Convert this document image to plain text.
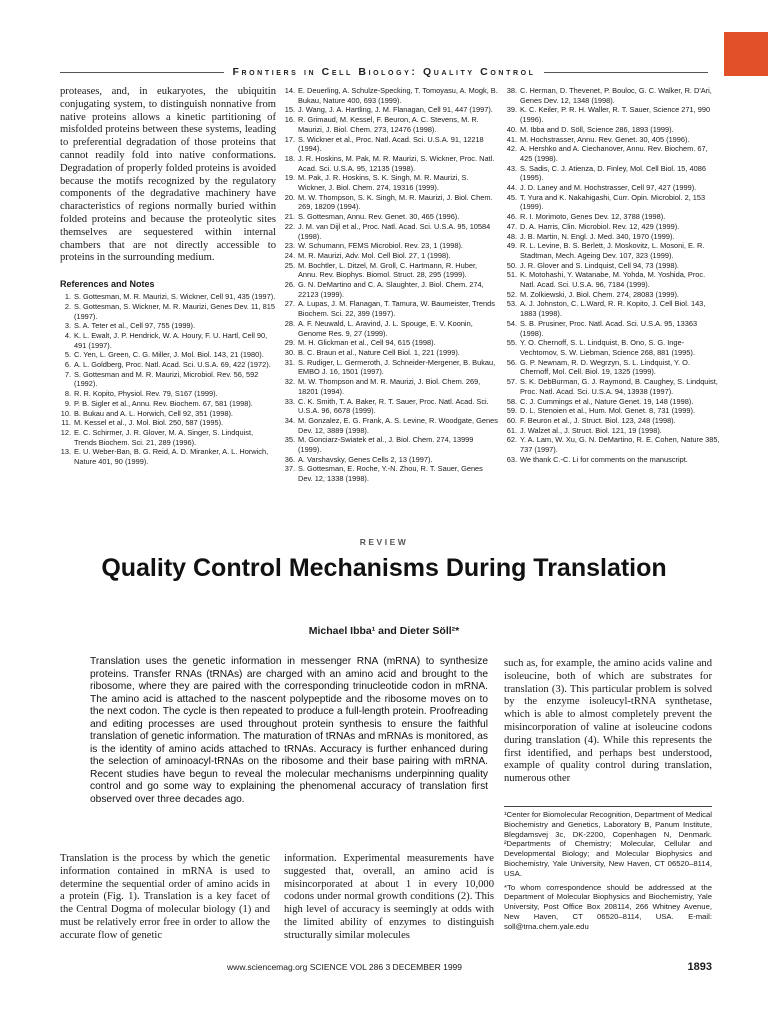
Frontiers in Cell Biology: Quality Control

proteases, and, in eukaryotes, the ubiquitin conjugating system, to distinguish nonnative from native proteins allows a kinetic partitioning of misfolded proteins between these systems, leading to preferential degradation of those proteins that cannot readily fold into native conformations. Degradation of properly folded proteins is avoided because the motifs recognized by the regulatory components of the degradative machinery have characteristics of regions normally buried within folded proteins and because the proteolytic sites themselves are sequestered within internal chambers that are not directly accessible to proteins in the surrounding medium.

References and Notes
1. S. Gottesman, M. R. Maurizi, S. Wickner, Cell 91, 435 (1997).
2. S. Gottesman, S. Wickner, M. R. Maurizi, Genes Dev. 11, 815 (1997).
3. S. A. Teter et al., Cell 97, 755 (1999).
4. K. L. Ewalt, J. P. Hendrick, W. A. Houry, F. U. Hartl, Cell 90, 491 (1997).
5. C. Yen, L. Green, C. G. Miller, J. Mol. Biol. 143, 21 (1980).
6. A. L. Goldberg, Proc. Natl. Acad. Sci. U.S.A. 69, 422 (1972).
7. S. Gottesman and M. R. Maurizi, Microbiol. Rev. 56, 592 (1992).
8. R. R. Kopito, Physiol. Rev. 79, S167 (1999).
9. P. B. Sigler et al., Annu. Rev. Biochem. 67, 581 (1998).
10. B. Bukau and A. L. Horwich, Cell 92, 351 (1998).
11. M. Kessel et al., J. Mol. Biol. 250, 587 (1995).
12. E. C. Schirmer, J. R. Glover, M. A. Singer, S. Lindquist, Trends Biochem. Sci. 21, 289 (1996).
13. E. U. Weber-Ban, B. G. Reid, A. D. Miranker, A. L. Horwich, Nature 401, 90 (1999).
14. E. Deuerling, A. Schulze-Specking, T. Tomoyasu, A. Mogk, B. Bukau, Nature 400, 693 (1999).
15. J. Wang, J. A. Hartling, J. M. Flanagan, Cell 91, 447 (1997).
16. R. Grimaud, M. Kessel, F. Beuron, A. C. Stevens, M. R. Maurizi, J. Biol. Chem. 273, 12476 (1998).
17. S. Wickner et al., Proc. Natl. Acad. Sci. U.S.A. 91, 12218 (1994).
18. J. R. Hoskins, M. Pak, M. R. Maurizi, S. Wickner, Proc. Natl. Acad. Sci. U.S.A. 95, 12135 (1998).
19. M. Pak, J. R. Hoskins, S. K. Singh, M. R. Maurizi, S. Wickner, J. Biol. Chem. 274, 19316 (1999).
20. M. W. Thompson, S. K. Singh, M. R. Maurizi, J. Biol. Chem. 269, 18209 (1994).
21. S. Gottesman, Annu. Rev. Genet. 30, 465 (1996).
22. J. M. van Dijl et al., Proc. Natl. Acad. Sci. U.S.A. 95, 10584 (1998).
23. W. Schumann, FEMS Microbiol. Rev. 23, 1 (1998).
24. M. R. Maurizi, Adv. Mol. Cell Biol. 27, 1 (1998).
25. M. Bochtler, L. Ditzel, M. Groll, C. Hartmann, R. Huber, Annu. Rev. Biophys. Biomol. Struct. 28, 295 (1999).
26. G. N. DeMartino and C. A. Slaughter, J. Biol. Chem. 274, 22123 (1999).
27. A. Lupas, J. M. Flanagan, T. Tamura, W. Baumeister, Trends Biochem. Sci. 22, 399 (1997).
28. A. F. Neuwald, L. Aravind, J. L. Spouge, E. V. Koonin, Genome Res. 9, 27 (1999).
29. M. H. Glickman et al., Cell 94, 615 (1998).
30. B. C. Braun et al., Nature Cell Biol. 1, 221 (1999).
31. S. Rudiger, L. Germeroth, J. Schneider-Mergener, B. Bukau, EMBO J. 16, 1501 (1997).
32. M. W. Thompson and M. R. Maurizi, J. Biol. Chem. 269, 18201 (1994).
33. C. K. Smith, T. A. Baker, R. T. Sauer, Proc. Natl. Acad. Sci. U.S.A. 96, 6678 (1999).
34. M. Gonzalez, E. G. Frank, A. S. Levine, R. Woodgate, Genes Dev. 12, 3889 (1998).
35. M. Gonciarz-Swiatek et al., J. Biol. Chem. 274, 13999 (1999).
36. A. Varshavsky, Genes Cells 2, 13 (1997).
37. S. Gottesman, E. Roche, Y.-N. Zhou, R. T. Sauer, Genes Dev. 12, 1338 (1998).
38. C. Herman, D. Thevenet, P. Bouloc, G. C. Walker, R. D'Ari, Genes Dev. 12, 1348 (1998).
39. K. C. Keiler, P. R. H. Waller, R. T. Sauer, Science 271, 990 (1996).
40. M. Ibba and D. Söll, Science 286, 1893 (1999).
41. M. Hochstrasser, Annu. Rev. Genet. 30, 405 (1996).
42. A. Hershko and A. Ciechanover, Annu. Rev. Biochem. 67, 425 (1998).
43. S. Sadis, C. J. Atienza, D. Finley, Mol. Cell Biol. 15, 4086 (1995).
44. J. D. Laney and M. Hochstrasser, Cell 97, 427 (1999).
45. T. Yura and K. Nakahigashi, Curr. Opin. Microbiol. 2, 153 (1999).
46. R. I. Morimoto, Genes Dev. 12, 3788 (1998).
47. D. A. Harris, Clin. Microbiol. Rev. 12, 429 (1999).
48. J. B. Martin, N. Engl. J. Med. 340, 1970 (1999).
49. R. L. Levine, B. S. Berlett, J. Moskovitz, L. Mosoni, E. R. Stadtman, Mech. Ageing Dev. 107, 323 (1999).
50. J. R. Glover and S. Lindquist, Cell 94, 73 (1998).
51. K. Motohashi, Y. Watanabe, M. Yohda, M. Yoshida, Proc. Natl. Acad. Sci. U.S.A. 96, 7184 (1999).
52. M. Zolkiewski, J. Biol. Chem. 274, 28083 (1999).
53. A. J. Johnston, C. L.Ward, R. R. Kopito, J. Cell Biol. 143, 1883 (1998).
54. S. B. Prusiner, Proc. Natl. Acad. Sci. U.S.A. 95, 13363 (1998).
55. Y. O. Chernoff, S. L. Lindquist, B. Ono, S. G. Inge-Vechtomov, S. W. Liebman, Science 268, 881 (1995).
56. G. P. Newnam, R. D. Wegrzyn, S. L. Lindquist, Y. O. Chernoff, Mol. Cell. Biol. 19, 1325 (1999).
57. S. K. DebBurman, G. J. Raymond, B. Caughey, S. Lindquist, Proc. Natl. Acad. Sci. U.S.A. 94, 13938 (1997).
58. C. J. Cummings et al., Nature Genet. 19, 148 (1998).
59. D. L. Stenoien et al., Hum. Mol. Genet. 8, 731 (1999).
60. F. Beuron et al., J. Struct. Biol. 123, 248 (1998).
61. J. Walzet al., J. Struct. Biol. 121, 19 (1998).
62. Y. A. Lam, W. Xu, G. N. DeMartino, R. E. Cohen, Nature 385, 737 (1997).
63. We thank C.-C. Li for comments on the manuscript.
REVIEW
Quality Control Mechanisms During Translation
Michael Ibba¹ and Dieter Söll²*

Translation uses the genetic information in messenger RNA (mRNA) to synthesize proteins. Transfer RNAs (tRNAs) are charged with an amino acid and brought to the ribosome, where they are paired with the corresponding trinucleotide codon in mRNA. The amino acid is attached to the nascent polypeptide and the ribosome moves on to the next codon. The cycle is then repeated to produce a full-length protein. Proofreading and editing processes are used throughout protein synthesis to ensure the faithful translation of genetic information. The maturation of tRNAs and mRNAs is monitored, as is the identity of amino acids attached to tRNAs. Accuracy is further enhanced during the selection of aminoacyl-tRNAs on the ribosome and their base pairing with mRNA. Recent studies have begun to reveal the molecular mechanisms underpinning quality control and go some way to explaining the phenomenal accuracy of translation first observed over three decades ago.

such as, for example, the amino acids valine and isoleucine, both of which are substrates for translation (3). This particular problem is solved by the enzyme isoleucyl-tRNA synthetase, which is able to almost completely prevent the misincorporation of valine at isoleucine codons during translation (4). While this represents the first identified, and perhaps best understood, example of quality control during translation, numerous other

¹Center for Biomolecular Recognition, Department of Medical Biochemistry and Genetics, Laboratory B, Panum Institute, Blegdamsvej 3c, DK-2200, Copenhagen N, Denmark. ²Departments of Chemistry; Molecular, Cellular and Developmental Biology; and Molecular Biophysics and Biochemistry, Yale University, New Haven, CT 06520–8114, USA.

*To whom correspondence should be addressed at the Department of Molecular Biophysics and Biochemistry, Yale University, Post Office Box 208114, 266 Whitney Avenue, New Haven, CT 06520–8114, USA. E-mail: soll@trna.chem.yale.edu

Translation is the process by which the genetic information contained in mRNA is used to determine the sequential order of amino acids in a protein (Fig. 1). Translation is a key facet of the Central Dogma of molecular biology (1) and must be relatively error free in order to allow the accurate flow of genetic

information. Experimental measurements have suggested that, overall, an amino acid is misincorporated at about 1 in every 10,000 codons under normal growth conditions (2). This high level of accuracy is seemingly at odds with the limited ability of enzymes to distinguish structurally similar molecules

www.sciencemag.org SCIENCE VOL 286 3 DECEMBER 1999	1893
